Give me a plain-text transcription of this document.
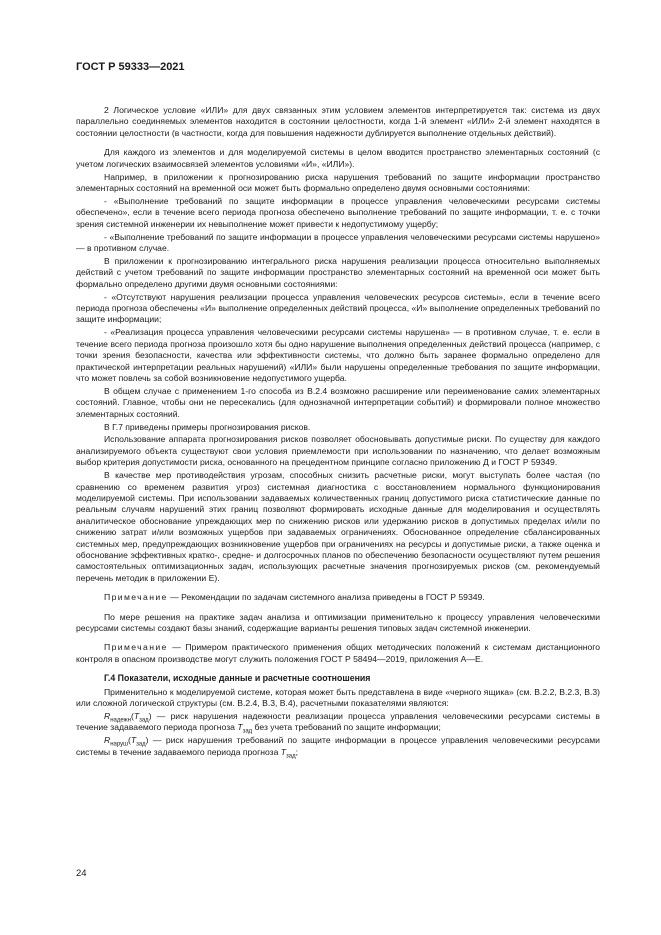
ГОСТ Р 59333—2021

2 Логическое условие «ИЛИ» для двух связанных этим условием элементов интерпретируется так: система из двух параллельно соединяемых элементов находится в состоянии целостности, когда 1-й элемент «ИЛИ» 2-й элемент находятся в состоянии целостности (в частности, когда для повышения надежности дублируется выполнение отдельных действий).

Для каждого из элементов и для моделируемой системы в целом вводится пространство элементарных состояний (с учетом логических взаимосвязей элементов условиями «И», «ИЛИ»).

Например, в приложении к прогнозированию риска нарушения требований по защите информации пространство элементарных состояний на временной оси может быть формально определено двумя основными состояниями:

- «Выполнение требований по защите информации в процессе управления человеческими ресурсами системы обеспечено», если в течение всего периода прогноза обеспечено выполнение требований по защите информации, т. е. с точки зрения системной инженерии их невыполнение может привести к недопустимому ущербу;

- «Выполнение требований по защите информации в процессе управления человеческими ресурсами системы нарушено» — в противном случае.

В приложении к прогнозированию интегрального риска нарушения реализации процесса относительно выполняемых действий с учетом требований по защите информации пространство элементарных состояний на временной оси может быть формально определено другими двумя основными состояниями:

- «Отсутствуют нарушения реализации процесса управления человеческих ресурсов системы», если в течение всего периода прогноза обеспечены «И» выполнение определенных действий процесса, «И» выполнение определенных требований по защите информации;

- «Реализация процесса управления человеческими ресурсами системы нарушена» — в противном случае, т. е. если в течение всего периода прогноза произошло хотя бы одно нарушение выполнения определенных действий процесса (например, с точки зрения безопасности, качества или эффективности системы, что должно быть заранее формально определено для практической интерпретации реальных нарушений) «ИЛИ» были нарушены определенные требования по защите информации, что может повлечь за собой возникновение недопустимого ущерба.

В общем случае с применением 1-го способа из В.2.4 возможно расширение или переименование самих элементарных состояний. Главное, чтобы они не пересекались (для однозначной интерпретации событий) и формировали полное множество элементарных состояний.

В Г.7 приведены примеры прогнозирования рисков.

Использование аппарата прогнозирования рисков позволяет обосновывать допустимые риски. По существу для каждого анализируемого объекта существуют свои условия приемлемости при использовании по назначению, что делает возможным выбор критерия допустимости риска, основанного на прецедентном принципе согласно приложению Д и ГОСТ Р 59349.

В качестве мер противодействия угрозам, способных снизить расчетные риски, могут выступать более частая (по сравнению со временем развития угроз) системная диагностика с восстановлением нормального функционирования моделируемой системы. При использовании задаваемых количественных границ допустимого риска статистические данные по реальным случаям нарушений этих границ позволяют формировать исходные данные для моделирования и осуществлять аналитическое обоснование упреждающих мер по снижению рисков или удержанию рисков в допустимых пределах и/или по снижению затрат и/или возможных ущербов при задаваемых ограничениях. Обоснованное определение сбалансированных системных мер, предупреждающих возникновение ущербов при ограничениях на ресурсы и допустимые риски, а также оценка и обоснование эффективных кратко-, средне- и долгосрочных планов по обеспечению безопасности осуществляют путем решения самостоятельных оптимизационных задач, использующих расчетные значения прогнозируемых рисков (см. рекомендуемый перечень методик в приложении Е).

Примечание — Рекомендации по задачам системного анализа приведены в ГОСТ Р 59349.

По мере решения на практике задач анализа и оптимизации применительно к процессу управления человеческими ресурсами системы создают базы знаний, содержащие варианты решения типовых задач системной инженерии.

Примечание — Примером практического применения общих методических положений к системам дистанционного контроля в опасном производстве могут служить положения ГОСТ Р 58494—2019, приложения А—Е.

Г.4 Показатели, исходные данные и расчетные соотношения

Применительно к моделируемой системе, которая может быть представлена в виде «черного ящика» (см. В.2.2, В.2.3, В.3) или сложной логической структуры (см. В.2.4, В.3, В.4), расчетными показателями являются:

$R_{надежн}(T_{зад})$ — риск нарушения надежности реализации процесса управления человеческими ресурсами системы в течение задаваемого периода прогноза $T_{зад}$ без учета требований по защите информации;

$R_{наруш}(T_{зад})$ — риск нарушения требований по защите информации в процессе управления человеческими ресурсами системы в течение задаваемого периода прогноза $T_{зад}$;

24
